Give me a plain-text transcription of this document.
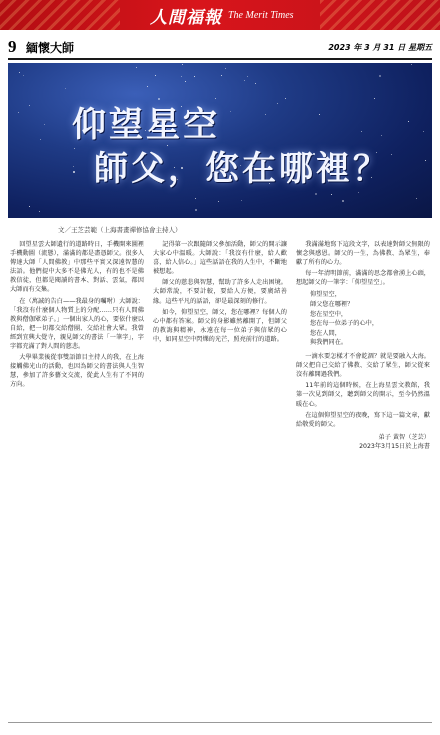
人間福報 The Merit Times
9 緬懷大師	2023 年 3 月 31 日 星期五
仰望星空
師父，您在哪裡？
文／王芝芸範（上海書畫禪修協會主持人）

回望星雲大師遺行的道路時日，手機開來圖裡手機動圖（流態），滿滿的都是盡憑師父。很多人傳達大師「人間佛教」中那些平實又深遠智慧的法語。他們提中大多不是佛光人，有的也不是佛教信徒，但都是閱讀的書本、對話、雲氣，都因大師而有交集。

在（萬誠的告白——我最身的囑咐）大師說：「我沒有什麼個人物質上的分配……只有人間佛教與僧伽眾弟子。」一個出家人的心，要依什麼以自給，把一切都交給僧團、交給社會大眾。我曾經到宜興大覺寺，親見師父的書法「一筆字」，字字都充滿了對人間的慈悲。

大學畢業後從事雙語節目主持人的我，在上海接觸佛光山的活動，也因為師父的書法與人生智慧，參加了許多藝文交流，從此人生有了不同的方向。

記得第一次跟隨師父參加活動，師父的開示讓大家心中溫暖。大師說：「我沒有什麼，給人歡喜，給人信心。」這些話語在我的人生中，不斷地被想起。

師父的慈悲與智慧，幫助了許多人走出困境。大師常說，不要計較，要給人方便，要廣結善緣。這些平凡的話語，卻是最深刻的修行。

如今，仰望星空，師父，您在哪裡？每個人的心中都有答案。師父的身影雖然離開了，但師父的教誨與精神，永遠在每一位弟子與信眾的心中，如同星空中閃爍的光芒，照亮前行的道路。

我滿滿地寫下這段文字，以表達對師父無限的懷念與感恩。師父的一生，為佛教、為眾生，奉獻了所有的心力。

每一年清明節前，滿滿的思念都會湧上心頭，想起師父的一筆字：「仰望星空」。

仰望星空，
師父您在哪裡？
您在星空中，
您在每一位弟子的心中，
您在人間，
與我們同在。

一滴水要怎樣才不會乾涸？就是要融入大海。師父把自己交給了佛教、交給了眾生，師父從來沒有離開過我們。

11年前的這個時候，在上海星雲文教館，我第一次見到師父，聽到師父的開示，至今仍然溫暖在心。

在這個仰望星空的夜晚，寫下這一篇文章，獻給敬愛的師父。

弟子 黃智（芝芸）
2023年3月15日於上海書
